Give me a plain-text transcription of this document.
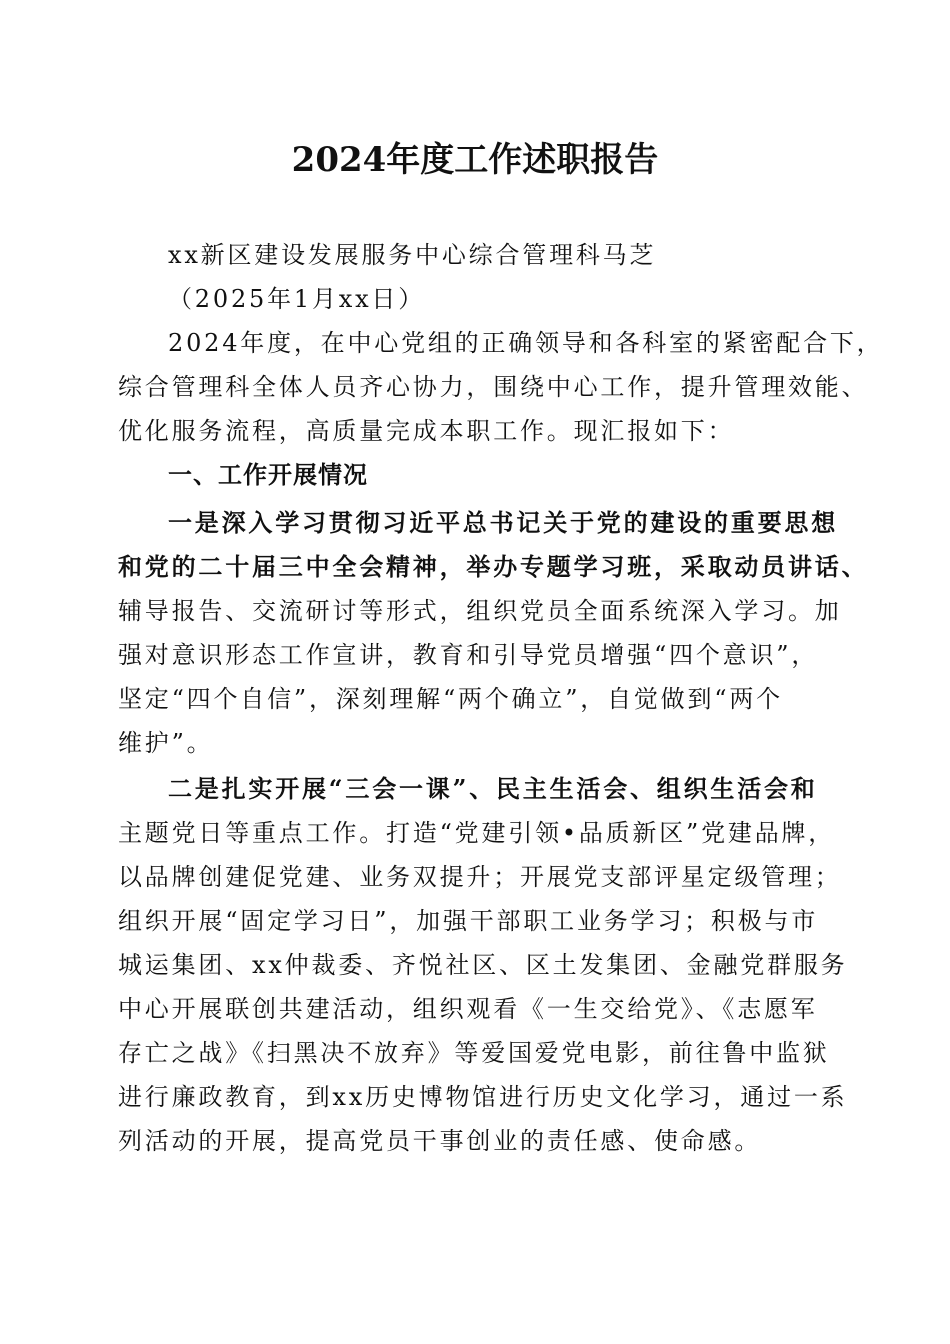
2024年度工作述职报告
xx新区建设发展服务中心综合管理科马芝
（2025年1月xx日）
2024年度，在中心党组的正确领导和各科室的紧密配合下，
综合管理科全体人员齐心协力，围绕中心工作，提升管理效能、
优化服务流程，高质量完成本职工作。现汇报如下：
一、工作开展情况
一是深入学习贯彻习近平总书记关于党的建设的重要思想
和党的二十届三中全会精神，举办专题学习班，采取动员讲话、
辅导报告、交流研讨等形式，组织党员全面系统深入学习。加
强对意识形态工作宣讲，教育和引导党员增强“四个意识”，
坚定“四个自信”，深刻理解“两个确立”，自觉做到“两个
维护”。
二是扎实开展“三会一课”、民主生活会、组织生活会和
主题党日等重点工作。打造“党建引领•品质新区”党建品牌，
以品牌创建促党建、业务双提升；开展党支部评星定级管理；
组织开展“固定学习日”，加强干部职工业务学习；积极与市
城运集团、xx仲裁委、齐悦社区、区土发集团、金融党群服务
中心开展联创共建活动，组织观看《一生交给党》、《志愿军
存亡之战》《扫黑决不放弃》等爱国爱党电影，前往鲁中监狱
进行廉政教育，到xx历史博物馆进行历史文化学习，通过一系
列活动的开展，提高党员干事创业的责任感、使命感。
